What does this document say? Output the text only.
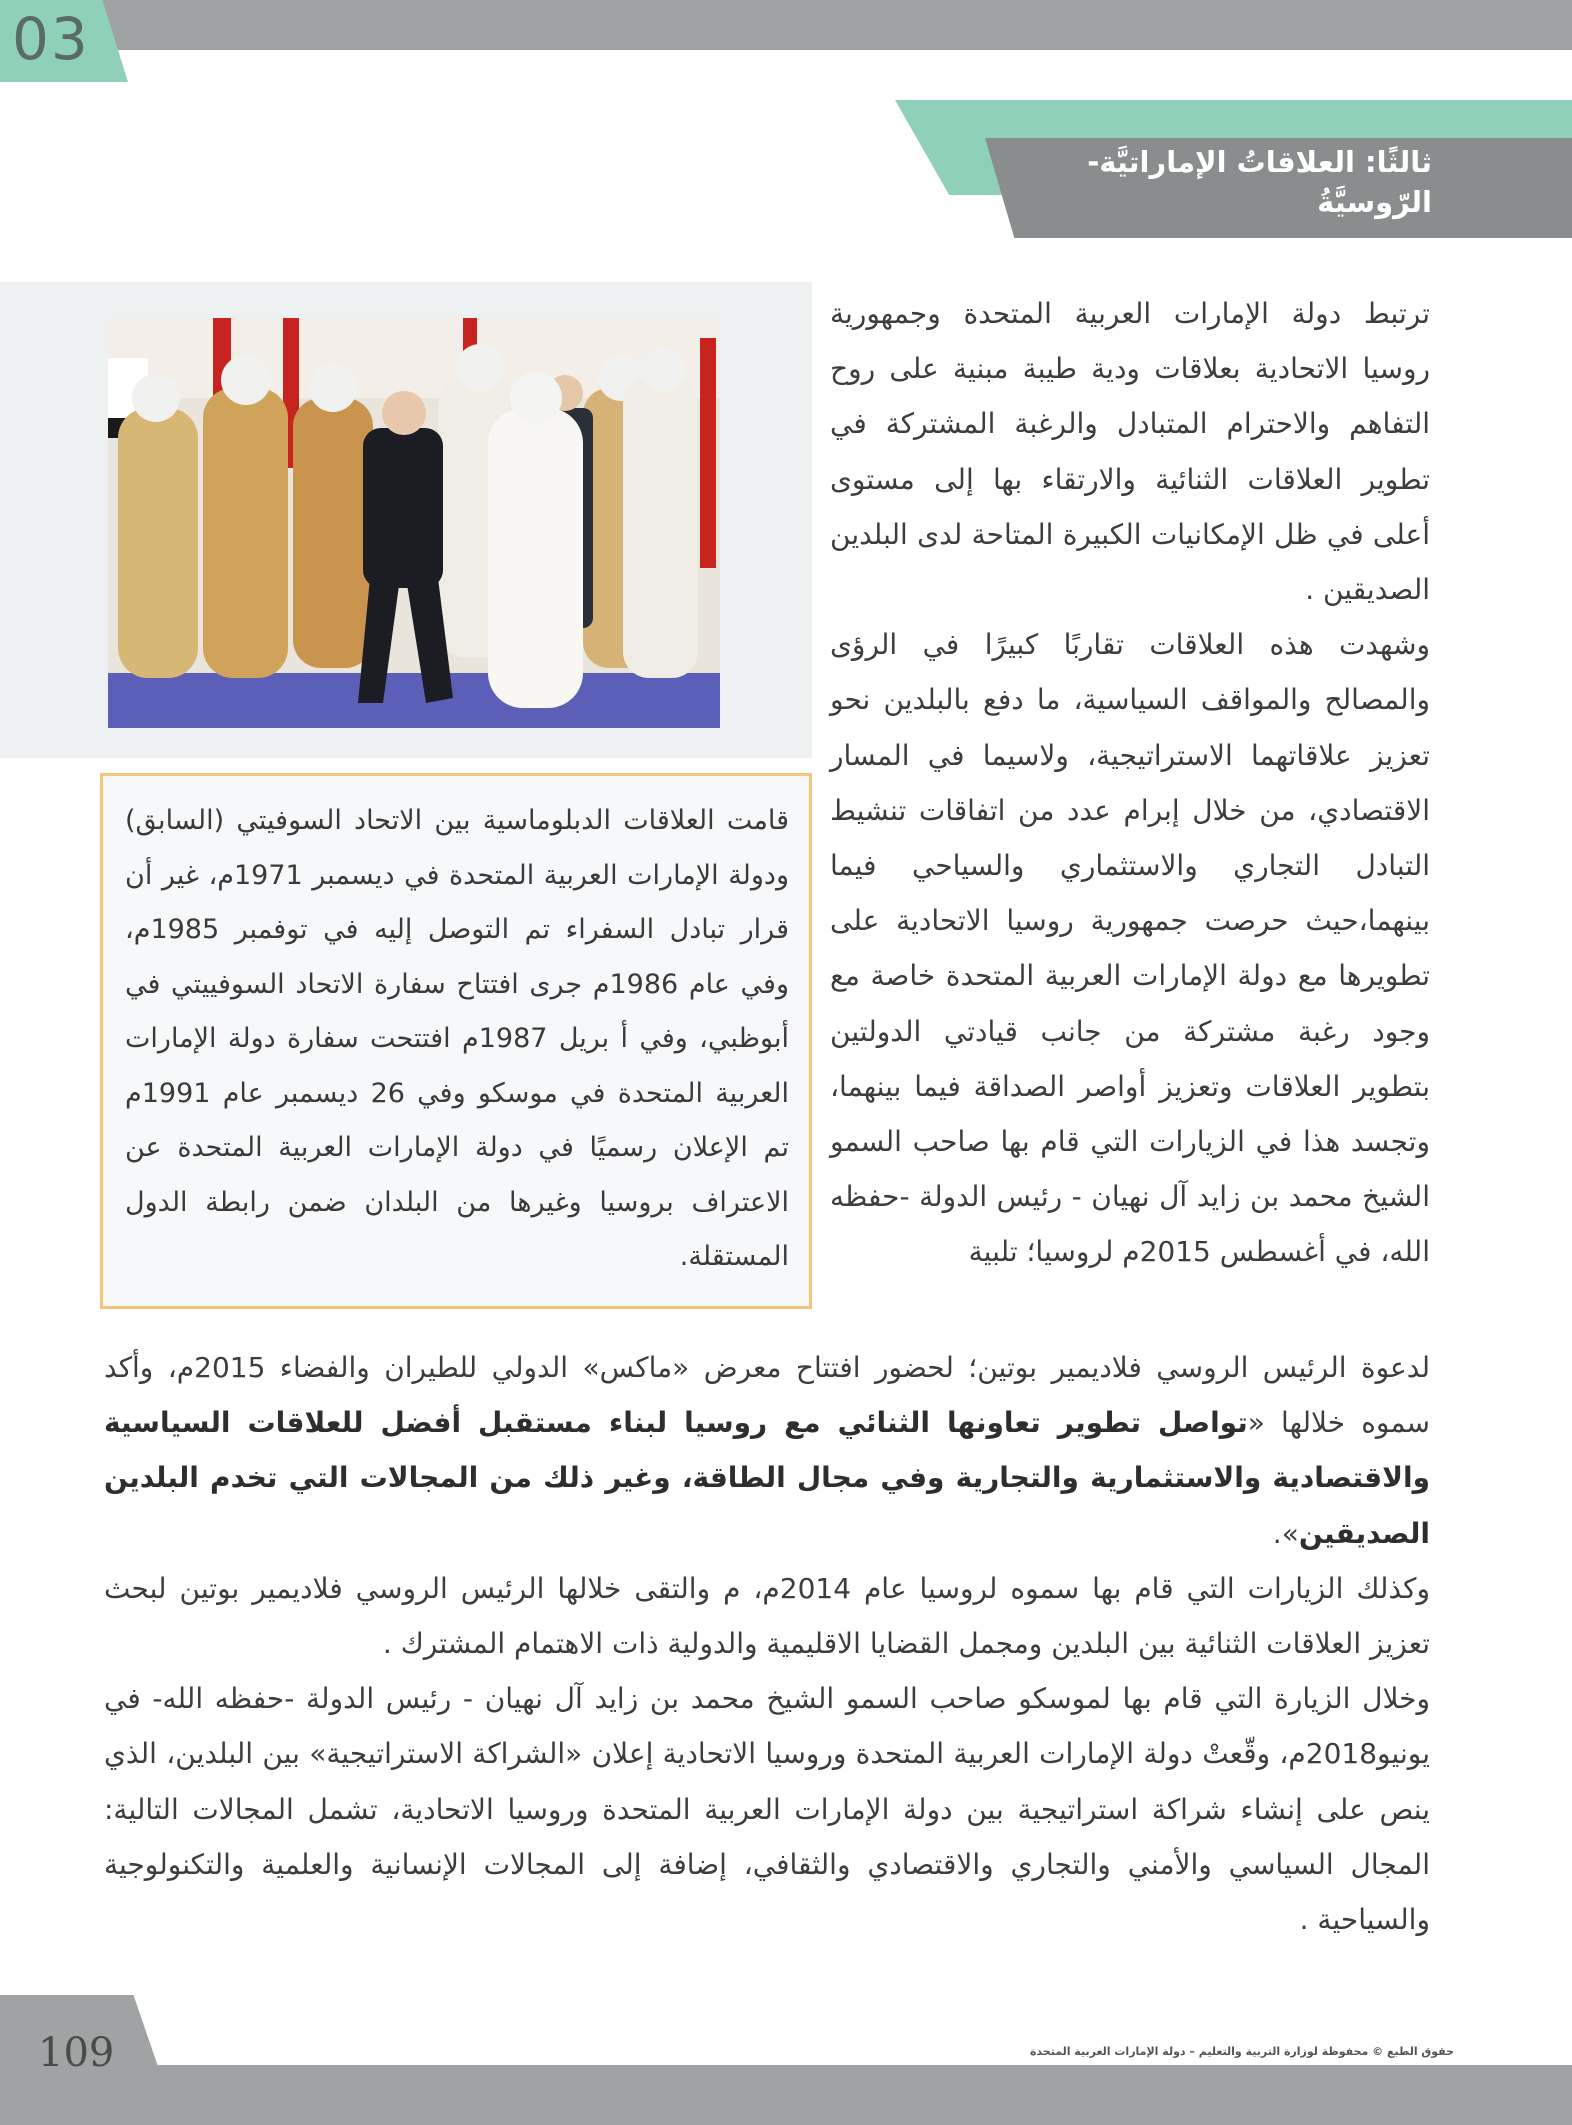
03
ثالثًا: العلاقاتُ الإماراتيَّة- الرّوسيَّةُ

ترتبط دولة الإمارات العربية المتحدة وجمهورية روسيا الاتحادية بعلاقات ودية طيبة مبنية على روح التفاهم والاحترام المتبادل والرغبة المشتركة في تطوير العلاقات الثنائية والارتقاء بها إلى مستوى أعلى في ظل الإمكانيات الكبيرة المتاحة لدى البلدين الصديقين .

وشهدت هذه العلاقات تقاربًا كبيرًا في الرؤى والمصالح والمواقف السياسية، ما دفع بالبلدين نحو تعزيز علاقاتهما الاستراتيجية، ولاسيما في المسار الاقتصادي، من خلال إبرام عدد من اتفاقات تنشيط التبادل التجاري والاستثماري والسياحي فيما بينهما،حيث حرصت جمهورية روسيا الاتحادية على تطويرها مع دولة الإمارات العربية المتحدة خاصة مع وجود رغبة مشتركة من جانب قيادتي الدولتين بتطوير العلاقات وتعزيز أواصر الصداقة فيما بينهما، وتجسد هذا في الزيارات التي قام بها صاحب السمو الشيخ محمد بن زايد آل نهيان - رئيس الدولة -حفظه الله، في أغسطس 2015م لروسيا؛ تلبية

قامت العلاقات الدبلوماسية بين الاتحاد السوفيتي (السابق) ودولة الإمارات العربية المتحدة في ديسمبر 1971م، غير أن قرار تبادل السفراء تم التوصل إليه في توفمبر 1985م، وفي عام 1986م جرى افتتاح سفارة الاتحاد السوفييتي في أبوظبي، وفي أ بريل 1987م افتتحت سفارة دولة الإمارات العربية المتحدة في موسكو وفي 26 ديسمبر عام 1991م تم الإعلان رسميًا في دولة الإمارات العربية المتحدة عن الاعتراف بروسيا وغيرها من البلدان ضمن رابطة الدول المستقلة.

لدعوة الرئيس الروسي فلاديمير بوتين؛ لحضور افتتاح معرض «ماكس» الدولي للطيران والفضاء 2015م، وأكد سموه خلالها «تواصل تطوير تعاونها الثنائي مع روسيا لبناء مستقبل أفضل للعلاقات السياسية والاقتصادية والاستثمارية والتجارية وفي مجال الطاقة، وغير ذلك من المجالات التي تخدم البلدين الصديقين».

وكذلك الزيارات التي قام بها سموه لروسيا عام 2014م، م والتقى خلالها الرئيس الروسي فلاديمير بوتين لبحث تعزيز العلاقات الثنائية بين البلدين ومجمل القضايا الاقليمية والدولية ذات الاهتمام المشترك .

وخلال الزيارة التي قام بها لموسكو صاحب السمو الشيخ محمد بن زايد آل نهيان - رئيس الدولة -حفظه الله- في يونيو2018م، وقّعتْ دولة الإمارات العربية المتحدة وروسيا الاتحادية إعلان «الشراكة الاستراتيجية» بين البلدين، الذي ينص على إنشاء شراكة استراتيجية بين دولة الإمارات العربية المتحدة وروسيا الاتحادية، تشمل المجالات التالية: المجال السياسي والأمني والتجاري والاقتصادي والثقافي، إضافة إلى المجالات الإنسانية والعلمية والتكنولوجية والسياحية .

109	حقوق الطبع © محفوظة لوزارة التربية والتعليم – دولة الإمارات العربية المتحدة
